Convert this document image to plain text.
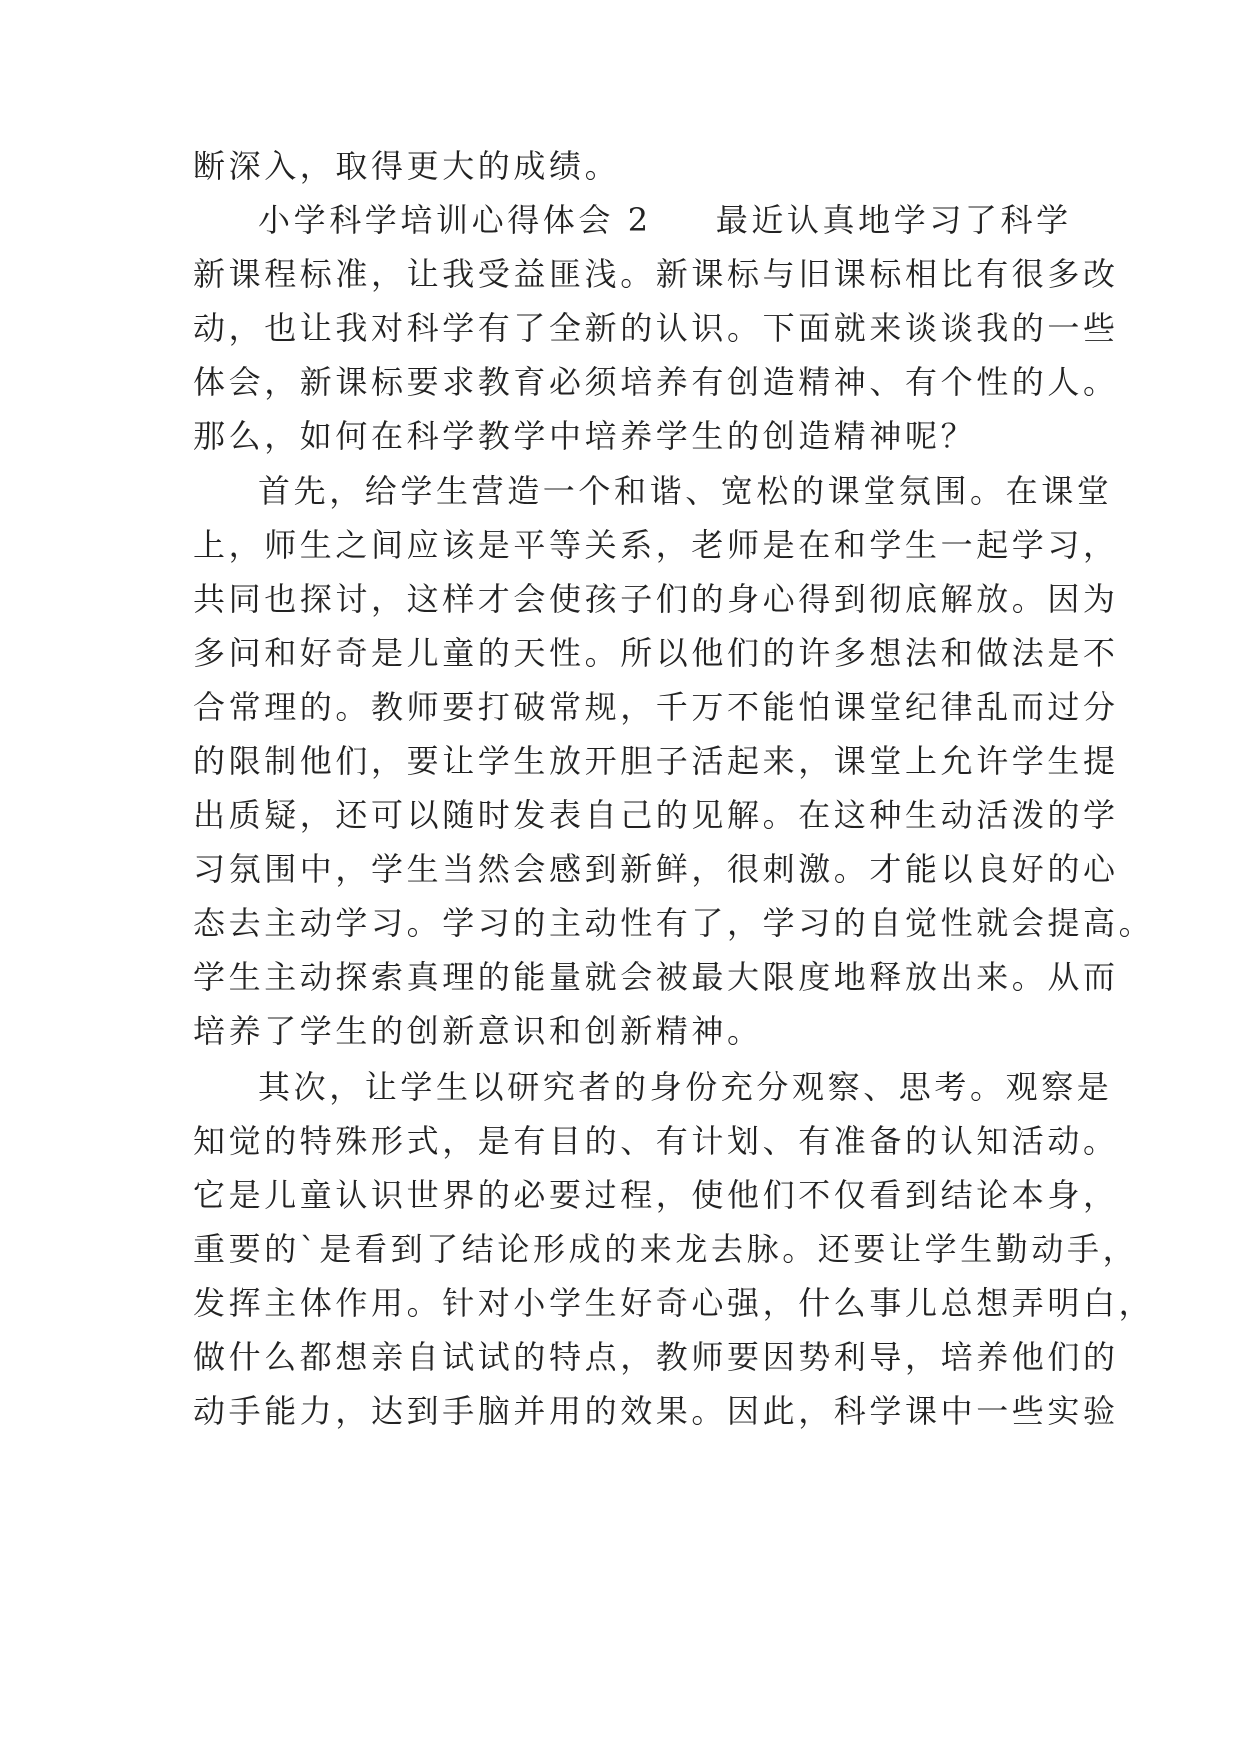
断深入，取得更大的成绩。
小学科学培训心得体会 2 最近认真地学习了科学
新课程标准，让我受益匪浅。新课标与旧课标相比有很多改
动，也让我对科学有了全新的认识。下面就来谈谈我的一些
体会，新课标要求教育必须培养有创造精神、有个性的人。
那么，如何在科学教学中培养学生的创造精神呢？
首先，给学生营造一个和谐、宽松的课堂氛围。在课堂
上，师生之间应该是平等关系，老师是在和学生一起学习，
共同也探讨，这样才会使孩子们的身心得到彻底解放。因为
多问和好奇是儿童的天性。所以他们的许多想法和做法是不
合常理的。教师要打破常规，千万不能怕课堂纪律乱而过分
的限制他们，要让学生放开胆子活起来，课堂上允许学生提
出质疑，还可以随时发表自己的见解。在这种生动活泼的学
习氛围中，学生当然会感到新鲜，很刺激。才能以良好的心
态去主动学习。学习的主动性有了，学习的自觉性就会提高。
学生主动探索真理的能量就会被最大限度地释放出来。从而
培养了学生的创新意识和创新精神。
其次，让学生以研究者的身份充分观察、思考。观察是
知觉的特殊形式，是有目的、有计划、有准备的认知活动。
它是儿童认识世界的必要过程，使他们不仅看到结论本身，
重要的`是看到了结论形成的来龙去脉。还要让学生勤动手，
发挥主体作用。针对小学生好奇心强，什么事儿总想弄明白，
做什么都想亲自试试的特点，教师要因势利导，培养他们的
动手能力，达到手脑并用的效果。因此，科学课中一些实验
